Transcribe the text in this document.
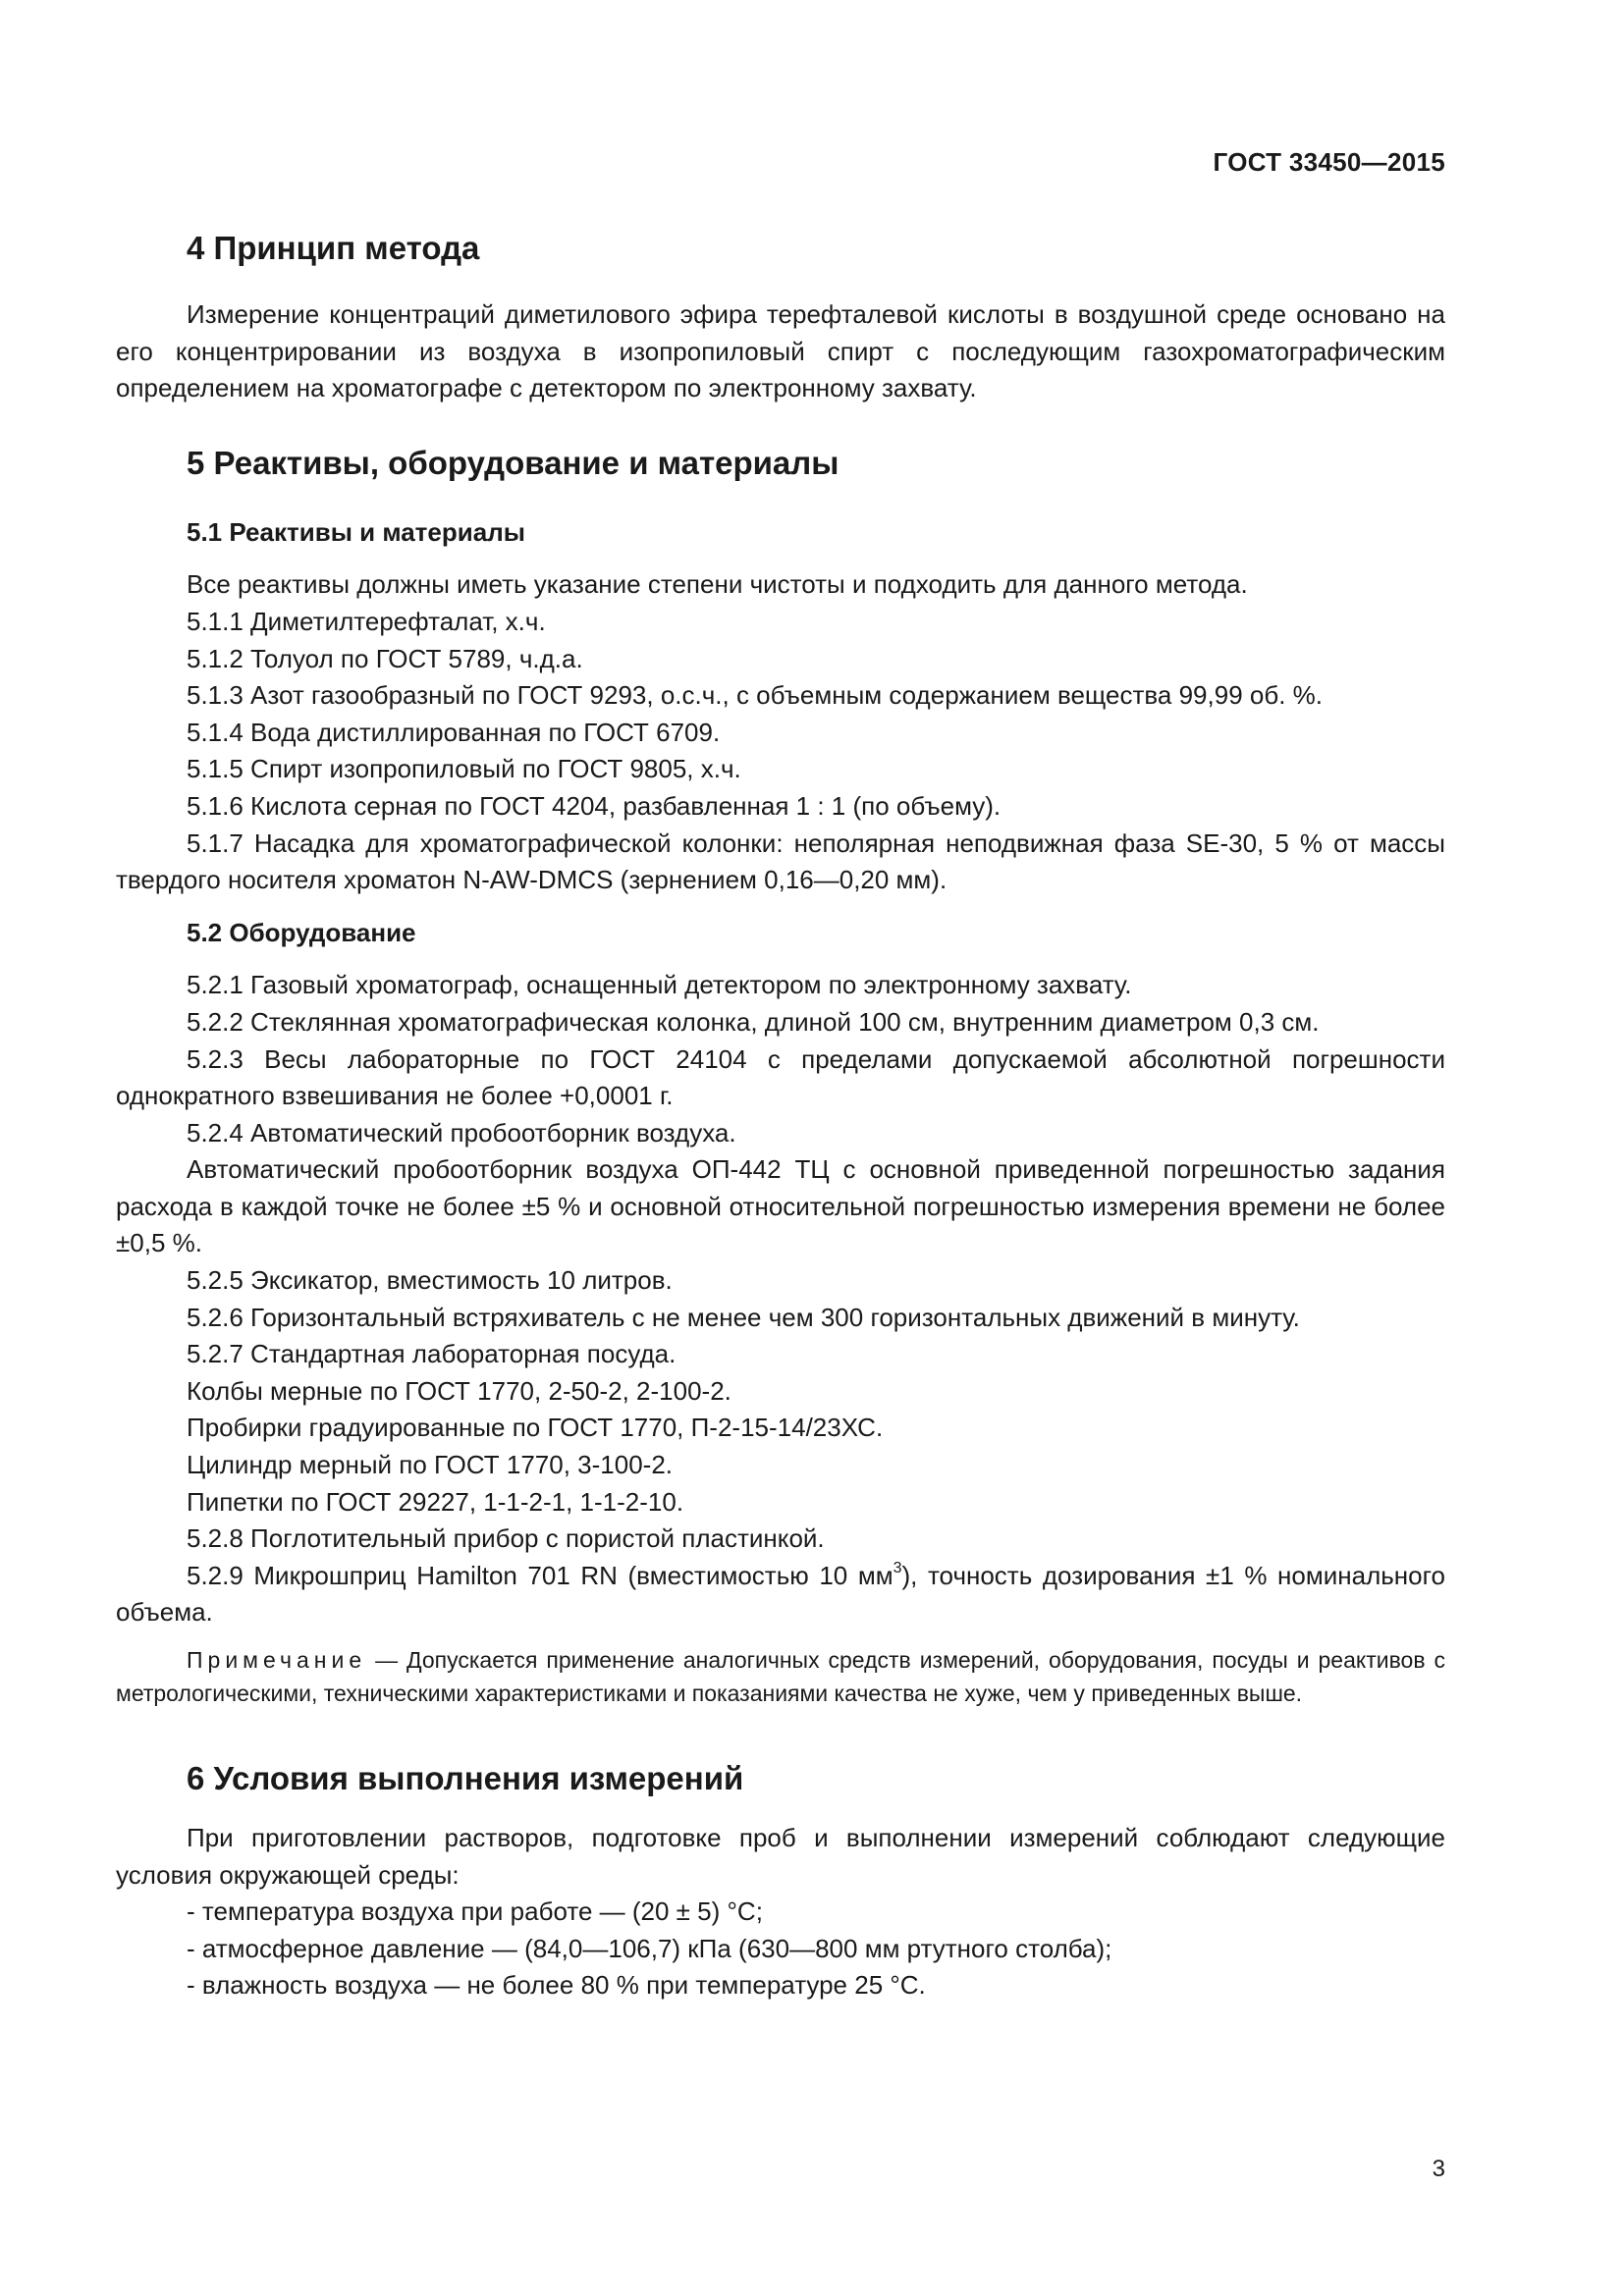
ГОСТ 33450—2015
4 Принцип метода

Измерение концентраций диметилового эфира терефталевой кислоты в воздушной среде основано на его концентрировании из воздуха в изопропиловый спирт с последующим газохроматографическим определением на хроматографе с детектором по электронному захвату.

5 Реактивы, оборудование и материалы
5.1 Реактивы и материалы

Все реактивы должны иметь указание степени чистоты и подходить для данного метода.

5.1.1 Диметилтерефталат, х.ч.

5.1.2 Толуол по ГОСТ 5789, ч.д.а.

5.1.3 Азот газообразный по ГОСТ 9293, о.с.ч., с объемным содержанием вещества 99,99 об. %.

5.1.4 Вода дистиллированная по ГОСТ 6709.

5.1.5 Спирт изопропиловый по ГОСТ 9805, х.ч.

5.1.6 Кислота серная по ГОСТ 4204, разбавленная 1 : 1 (по объему).

5.1.7 Насадка для хроматографической колонки: неполярная неподвижная фаза SE-30, 5 % от массы твердого носителя хроматон N-AW-DMCS (зернением 0,16—0,20 мм).

5.2 Оборудование

5.2.1 Газовый хроматограф, оснащенный детектором по электронному захвату.

5.2.2 Стеклянная хроматографическая колонка, длиной 100 см, внутренним диаметром 0,3 см.

5.2.3 Весы лабораторные по ГОСТ 24104 с пределами допускаемой абсолютной погрешности однократного взвешивания не более +0,0001 г.

5.2.4 Автоматический пробоотборник воздуха.

Автоматический пробоотборник воздуха ОП-442 ТЦ с основной приведенной погрешностью задания расхода в каждой точке не более ±5 % и основной относительной погрешностью измерения времени не более ±0,5 %.

5.2.5 Эксикатор, вместимость 10 литров.

5.2.6 Горизонтальный встряхиватель с не менее чем 300 горизонтальных движений в минуту.

5.2.7 Стандартная лабораторная посуда.

Колбы мерные по ГОСТ 1770, 2-50-2, 2-100-2.

Пробирки градуированные по ГОСТ 1770, П-2-15-14/23ХС.

Цилиндр мерный по ГОСТ 1770, 3-100-2.

Пипетки по ГОСТ 29227, 1-1-2-1, 1-1-2-10.

5.2.8 Поглотительный прибор с пористой пластинкой.

5.2.9 Микрошприц Hamilton 701 RN (вместимостью 10 $мм^3$), точность дозирования ±1 % номинального объема.

Примечание — Допускается применение аналогичных средств измерений, оборудования, посуды и реактивов с метрологическими, техническими характеристиками и показаниями качества не хуже, чем у приведенных выше.

6 Условия выполнения измерений

При приготовлении растворов, подготовке проб и выполнении измерений соблюдают следующие условия окружающей среды:

- температура воздуха при работе — (20 ± 5) °С;

- атмосферное давление — (84,0—106,7) кПа (630—800 мм ртутного столба);

- влажность воздуха — не более 80 % при температуре 25 °С.

3
